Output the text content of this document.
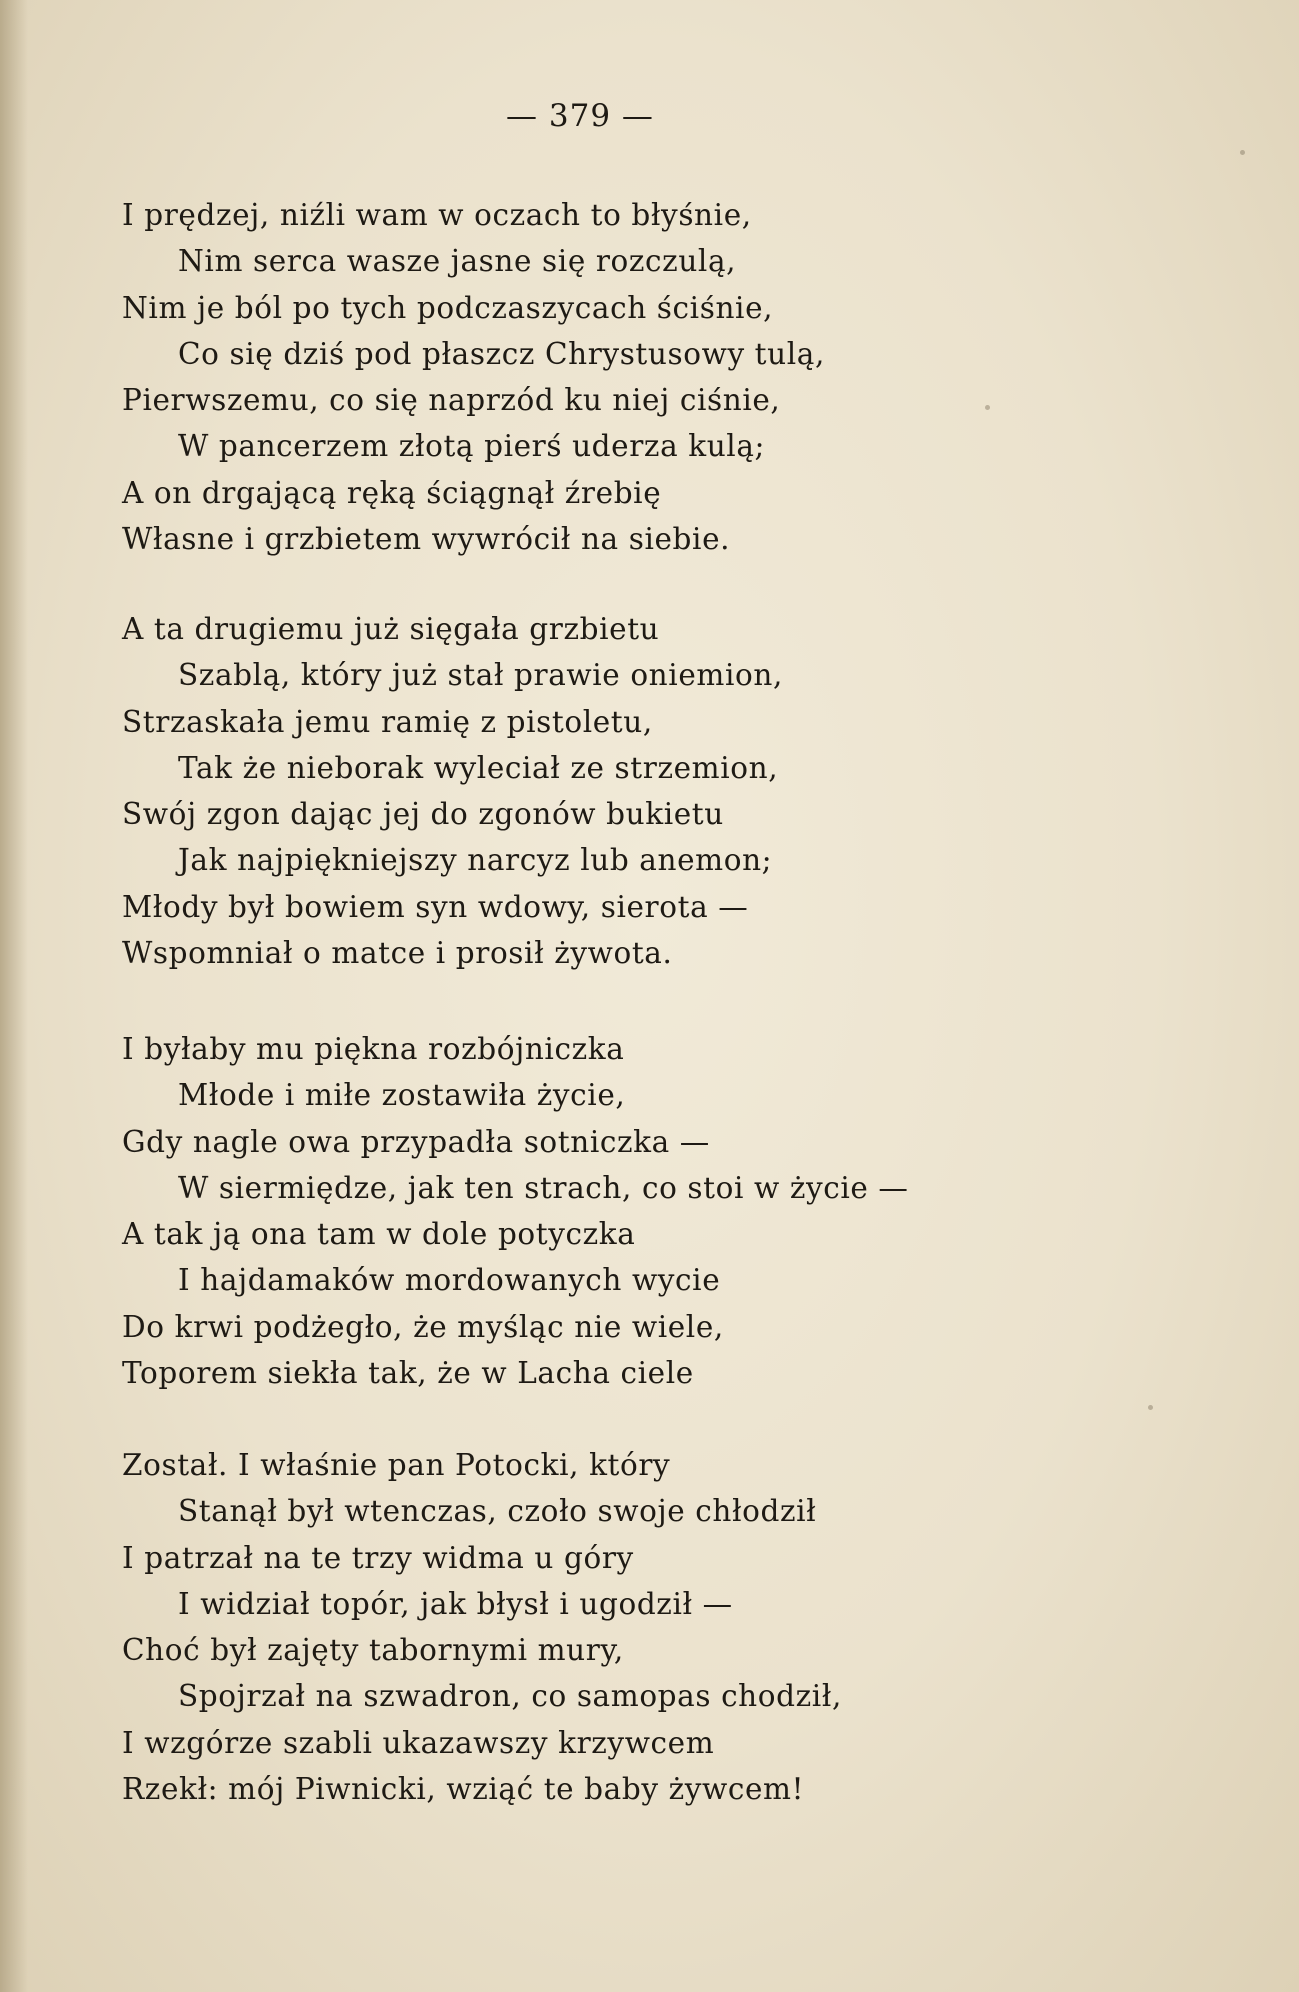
— 379 —

I prędzej, niźli wam w oczach to błyśnie,
Nim serca wasze jasne się rozczulą,
Nim je ból po tych podczaszycach ściśnie,
Co się dziś pod płaszcz Chrystusowy tulą,
Pierwszemu, co się naprzód ku niej ciśnie,
W pancerzem złotą pierś uderza kulą;
A on drgającą ręką ściągnął źrebię
Własne i grzbietem wywrócił na siebie.
A ta drugiemu już sięgała grzbietu
Szablą, który już stał prawie oniemion,
Strzaskała jemu ramię z pistoletu,
Tak że nieborak wyleciał ze strzemion,
Swój zgon dając jej do zgonów bukietu
Jak najpiękniejszy narcyz lub anemon;
Młody był bowiem syn wdowy, sierota —
Wspomniał o matce i prosił żywota.
I byłaby mu piękna rozbójniczka
Młode i miłe zostawiła życie,
Gdy nagle owa przypadła sotniczka —
W siermiędze, jak ten strach, co stoi w życie —
A tak ją ona tam w dole potyczka
I hajdamaków mordowanych wycie
Do krwi podżegło, że myśląc nie wiele,
Toporem siekła tak, że w Lacha ciele
Został. I właśnie pan Potocki, który
Stanął był wtenczas, czoło swoje chłodził
I patrzał na te trzy widma u góry
I widział topór, jak błysł i ugodził —
Choć był zajęty tabornymi mury,
Spojrzał na szwadron, co samopas chodził,
I wzgórze szabli ukazawszy krzywcem
Rzekł: mój Piwnicki, wziąć te baby żywcem!
